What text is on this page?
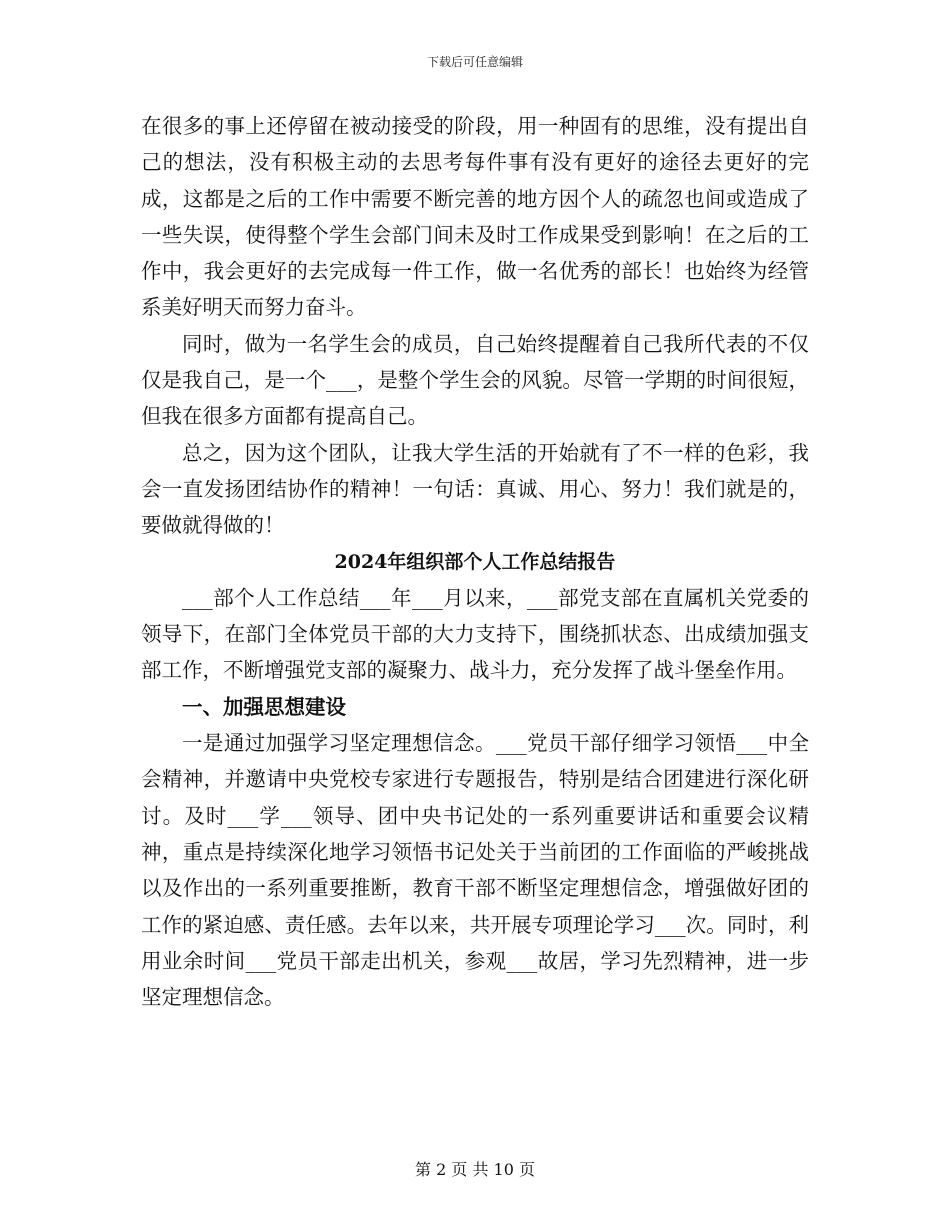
下载后可任意编辑

在很多的事上还停留在被动接受的阶段，用一种固有的思维，没有提出自己的想法，没有积极主动的去思考每件事有没有更好的途径去更好的完成，这都是之后的工作中需要不断完善的地方因个人的疏忽也间或造成了一些失误，使得整个学生会部门间未及时工作成果受到影响！在之后的工作中，我会更好的去完成每一件工作，做一名优秀的部长！也始终为经管系美好明天而努力奋斗。

同时，做为一名学生会的成员，自己始终提醒着自己我所代表的不仅仅是我自己，是一个___，是整个学生会的风貌。尽管一学期的时间很短，但我在很多方面都有提高自己。

总之，因为这个团队，让我大学生活的开始就有了不一样的色彩，我会一直发扬团结协作的精神！一句话：真诚、用心、努力！我们就是的，要做就得做的！

2024年组织部个人工作总结报告

___部个人工作总结___年___月以来，___部党支部在直属机关党委的领导下，在部门全体党员干部的大力支持下，围绕抓状态、出成绩加强支部工作，不断增强党支部的凝聚力、战斗力，充分发挥了战斗堡垒作用。

一、加强思想建设

一是通过加强学习坚定理想信念。___党员干部仔细学习领悟___中全会精神，并邀请中央党校专家进行专题报告，特别是结合团建进行深化研讨。及时___学___领导、团中央书记处的一系列重要讲话和重要会议精神，重点是持续深化地学习领悟书记处关于当前团的工作面临的严峻挑战以及作出的一系列重要推断，教育干部不断坚定理想信念，增强做好团的工作的紧迫感、责任感。去年以来，共开展专项理论学习___次。同时，利用业余时间___党员干部走出机关，参观___故居，学习先烈精神，进一步坚定理想信念。

第 2 页 共 10 页
